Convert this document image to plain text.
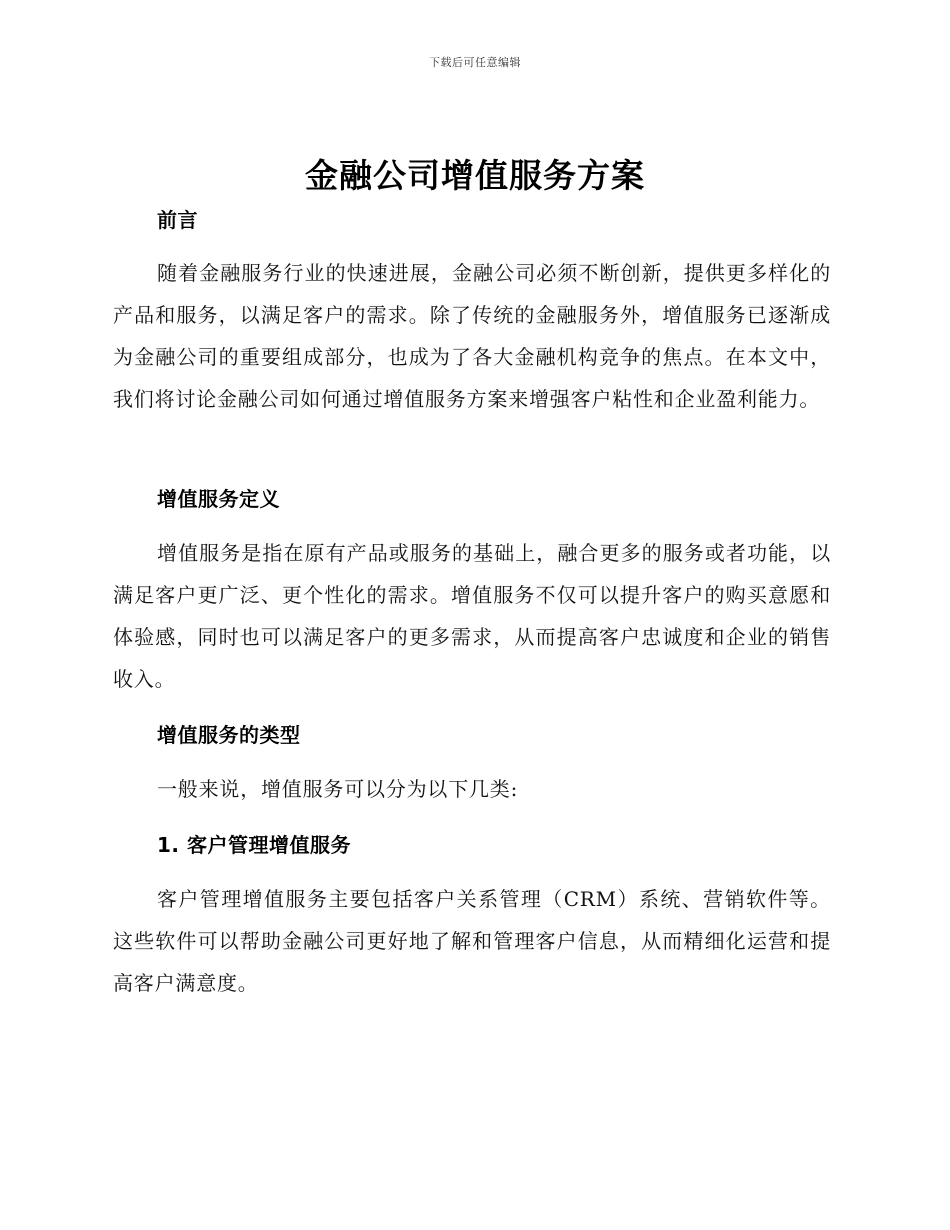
下载后可任意编辑
金融公司增值服务方案
前言
随着金融服务行业的快速进展，金融公司必须不断创新，提供更多样化的产品和服务，以满足客户的需求。除了传统的金融服务外，增值服务已逐渐成为金融公司的重要组成部分，也成为了各大金融机构竞争的焦点。在本文中，我们将讨论金融公司如何通过增值服务方案来增强客户粘性和企业盈利能力。
增值服务定义
增值服务是指在原有产品或服务的基础上，融合更多的服务或者功能，以满足客户更广泛、更个性化的需求。增值服务不仅可以提升客户的购买意愿和体验感，同时也可以满足客户的更多需求，从而提高客户忠诚度和企业的销售收入。
增值服务的类型
一般来说，增值服务可以分为以下几类:
1. 客户管理增值服务
客户管理增值服务主要包括客户关系管理（CRM）系统、营销软件等。这些软件可以帮助金融公司更好地了解和管理客户信息，从而精细化运营和提高客户满意度。
